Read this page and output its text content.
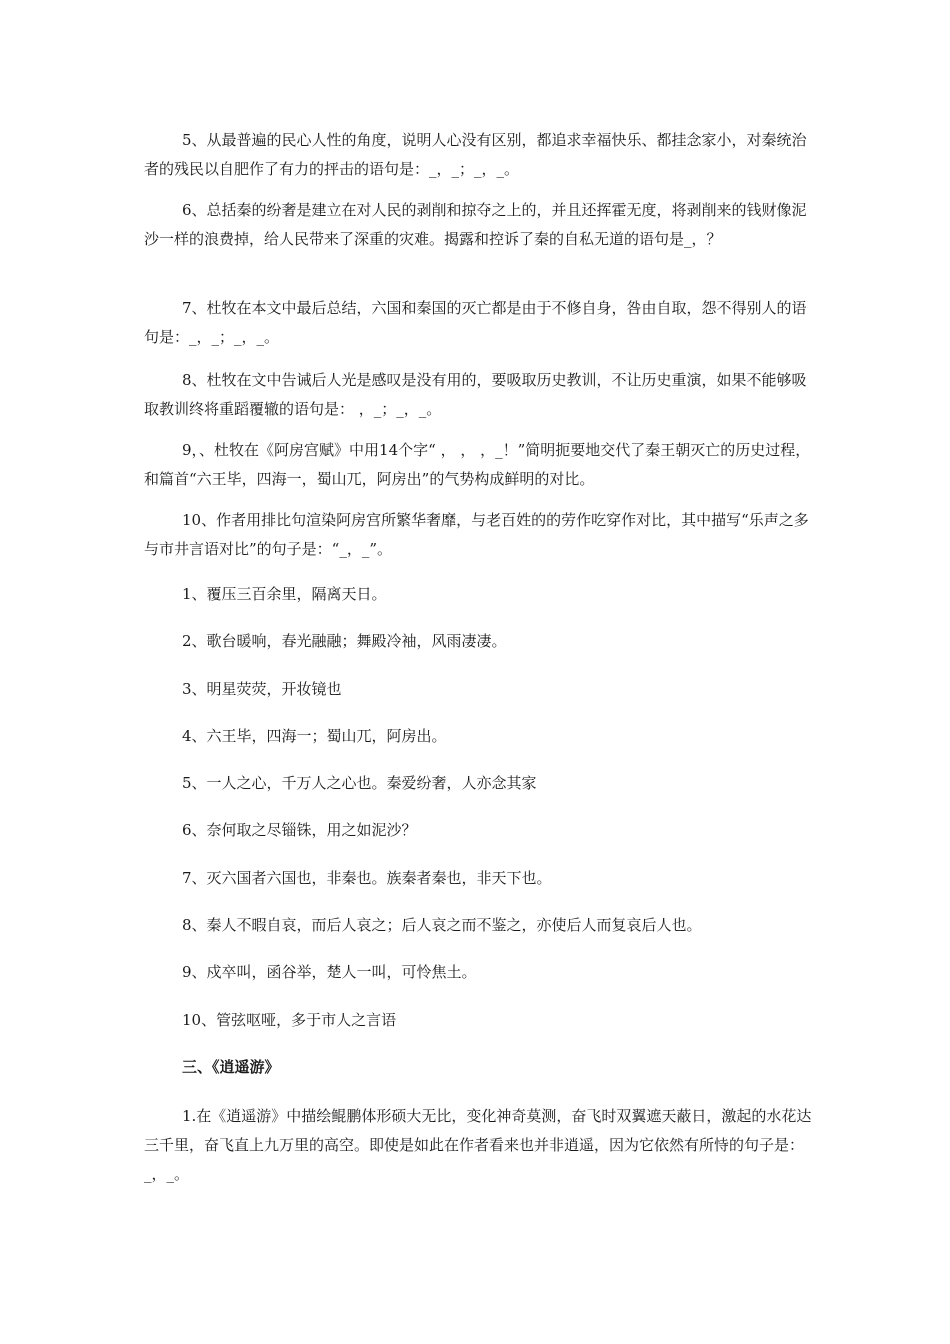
5、从最普遍的民心人性的角度，说明人心没有区别，都追求幸福快乐、都挂念家小，对秦统治者的残民以自肥作了有力的抨击的语句是：_，_；_，_。

6、总括秦的纷奢是建立在对人民的剥削和掠夺之上的，并且还挥霍无度，将剥削来的钱财像泥沙一样的浪费掉，给人民带来了深重的灾难。揭露和控诉了秦的自私无道的语句是_，？

7、杜牧在本文中最后总结，六国和秦国的灭亡都是由于不修自身，咎由自取，怨不得别人的语句是：_，_；_，_。

8、杜牧在文中告诫后人光是感叹是没有用的，要吸取历史教训，不让历史重演，如果不能够吸取教训终将重蹈覆辙的语句是： ，_；_，_。

9，、杜牧在《阿房宫赋》中用14个字“ ， ， ，_！”简明扼要地交代了秦王朝灭亡的历史过程，和篇首“六王毕，四海一，蜀山兀，阿房出”的气势构成鲜明的对比。

10、作者用排比句渲染阿房宫所繁华奢靡，与老百姓的的劳作吃穿作对比，其中描写“乐声之多与市井言语对比”的句子是：“_，_”。

1、覆压三百余里，隔离天日。

2、歌台暖响，春光融融；舞殿冷袖，风雨凄凄。

3、明星荧荧，开妆镜也

4、六王毕，四海一；蜀山兀，阿房出。

5、一人之心，千万人之心也。秦爱纷奢，人亦念其家

6、奈何取之尽锱铢，用之如泥沙？

7、灭六国者六国也，非秦也。族秦者秦也，非天下也。

8、秦人不暇自哀，而后人哀之；后人哀之而不鉴之，亦使后人而复哀后人也。

9、戍卒叫，函谷举，楚人一叫，可怜焦土。

10、管弦呕哑，多于市人之言语

三、《逍遥游》

1.在《逍遥游》中描绘鲲鹏体形硕大无比，变化神奇莫测，奋飞时双翼遮天蔽日，激起的水花达三千里，奋飞直上九万里的高空。即使是如此在作者看来也并非逍遥，因为它依然有所恃的句子是：_，_。
